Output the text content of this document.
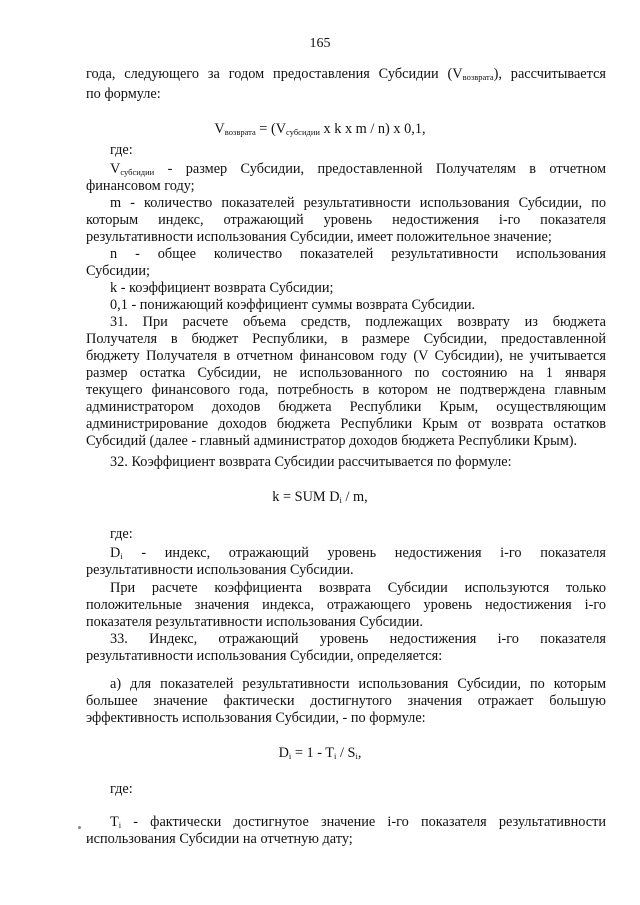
165
года, следующего за годом предоставления Субсидии $(V_{возврата})$, рассчитывается
по формуле:
$V_{возврата} = (V_{субсидии}$ x k x m / n) x 0,1,
где:
$V_{субсидии}$ - размер Субсидии, предоставленной Получателям в отчетном
финансовом году;
m - количество показателей результативности использования Субсидии, по
которым индекс, отражающий уровень недостижения i-го показателя
результативности использования Субсидии, имеет положительное значение;
n - общее количество показателей результативности использования
Субсидии;
k - коэффициент возврата Субсидии;
0,1 - понижающий коэффициент суммы возврата Субсидии.
31. При расчете объема средств, подлежащих возврату из бюджета
Получателя в бюджет Республики, в размере Субсидии, предоставленной
бюджету Получателя в отчетном финансовом году (V Субсидии), не учитывается
размер остатка Субсидии, не использованного по состоянию на 1 января
текущего финансового года, потребность в котором не подтверждена главным
администратором доходов бюджета Республики Крым, осуществляющим
администрирование доходов бюджета Республики Крым от возврата остатков
Субсидий (далее - главный администратор доходов бюджета Республики Крым).
32. Коэффициент возврата Субсидии рассчитывается по формуле:
k = SUM $D_i$ / m,
где:
$D_i$ - индекс, отражающий уровень недостижения i-го показателя
результативности использования Субсидии.
При расчете коэффициента возврата Субсидии используются только
положительные значения индекса, отражающего уровень недостижения i-го
показателя результативности использования Субсидии.
33. Индекс, отражающий уровень недостижения i-го показателя
результативности использования Субсидии, определяется:
а) для показателей результативности использования Субсидии, по которым
большее значение фактически достигнутого значения отражает большую
эффективность использования Субсидии, - по формуле:
$D_i = 1 - T_i / S_i$,
где:
$T_i$ - фактически достигнутое значение i-го показателя результативности
использования Субсидии на отчетную дату;
